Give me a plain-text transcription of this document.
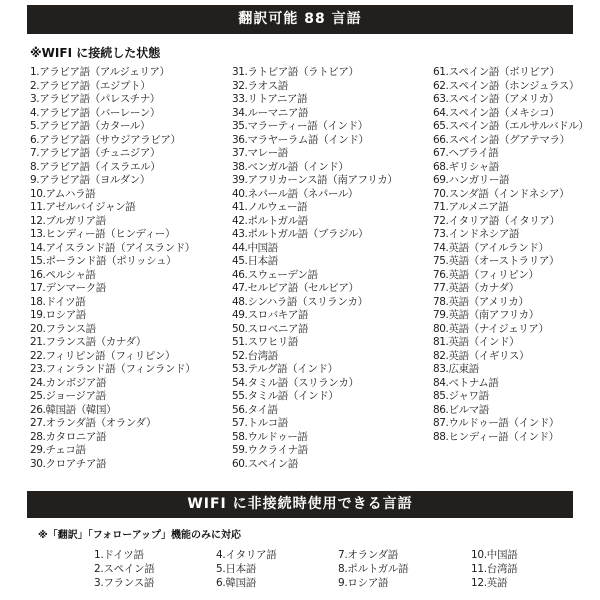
翻訳可能 88 言語
※WIFI に接続した状態
1.アラビア語（アルジェリア）
2.アラビア語（エジプト）
3.アラビア語（パレスチナ）
4.アラビア語（バーレーン）
5.アラビア語（カタール）
6.アラビア語（サウジアラビア）
7.アラビア語（チュニジア）
8.アラビア語（イスラエル）
9.アラビア語（ヨルダン）
10.アムハラ語
11.アゼルバイジャン語
12.ブルガリア語
13.ヒンディー語（ヒンディー）
14.アイスランド語（アイスランド）
15.ポーランド語（ポリッシュ）
16.ペルシャ語
17.デンマーク語
18.ドイツ語
19.ロシア語
20.フランス語
21.フランス語（カナダ）
22.フィリピン語（フィリピン）
23.フィンランド語（フィンランド）
24.カンボジア語
25.ジョージア語
26.韓国語（韓国）
27.オランダ語（オランダ）
28.カタロニア語
29.チェコ語
30.クロアチア語
31.ラトビア語（ラトビア）
32.ラオス語
33.リトアニア語
34.ルーマニア語
35.マラーティー語（インド）
36.マラヤーラム語（インド）
37.マレー語
38.ベンガル語（インド）
39.アフリカーンス語（南アフリカ）
40.ネパール語（ネパール）
41.ノルウェー語
42.ポルトガル語
43.ポルトガル語（ブラジル）
44.中国語
45.日本語
46.スウェーデン語
47.セルビア語（セルビア）
48.シンハラ語（スリランカ）
49.スロバキア語
50.スロベニア語
51.スワヒリ語
52.台湾語
53.テルグ語（インド）
54.タミル語（スリランカ）
55.タミル語（インド）
56.タイ語
57.トルコ語
58.ウルドゥー語
59.ウクライナ語
60.スペイン語
61.スペイン語（ボリビア）
62.スペイン語（ホンジュラス）
63.スペイン語（アメリカ）
64.スペイン語（メキシコ）
65.スペイン語（エルサルバドル）
66.スペイン語（グアテマラ）
67.ヘブライ語
68.ギリシャ語
69.ハンガリー語
70.スンダ語（インドネシア）
71.アルメニア語
72.イタリア語（イタリア）
73.インドネシア語
74.英語（アイルランド）
75.英語（オーストラリア）
76.英語（フィリピン）
77.英語（カナダ）
78.英語（アメリカ）
79.英語（南アフリカ）
80.英語（ナイジェリア）
81.英語（インド）
82.英語（イギリス）
83.広東語
84.ベトナム語
85.ジャワ語
86.ビルマ語
87.ウルドゥー語（インド）
88.ヒンディー語（インド）
WIFI に非接続時使用できる言語
※「翻訳」「フォローアップ」機能のみに対応
1.ドイツ語	4.イタリア語	7.オランダ語	10.中国語
2.スペイン語	5.日本語	8.ポルトガル語	11.台湾語
3.フランス語	6.韓国語	9.ロシア語	12.英語
